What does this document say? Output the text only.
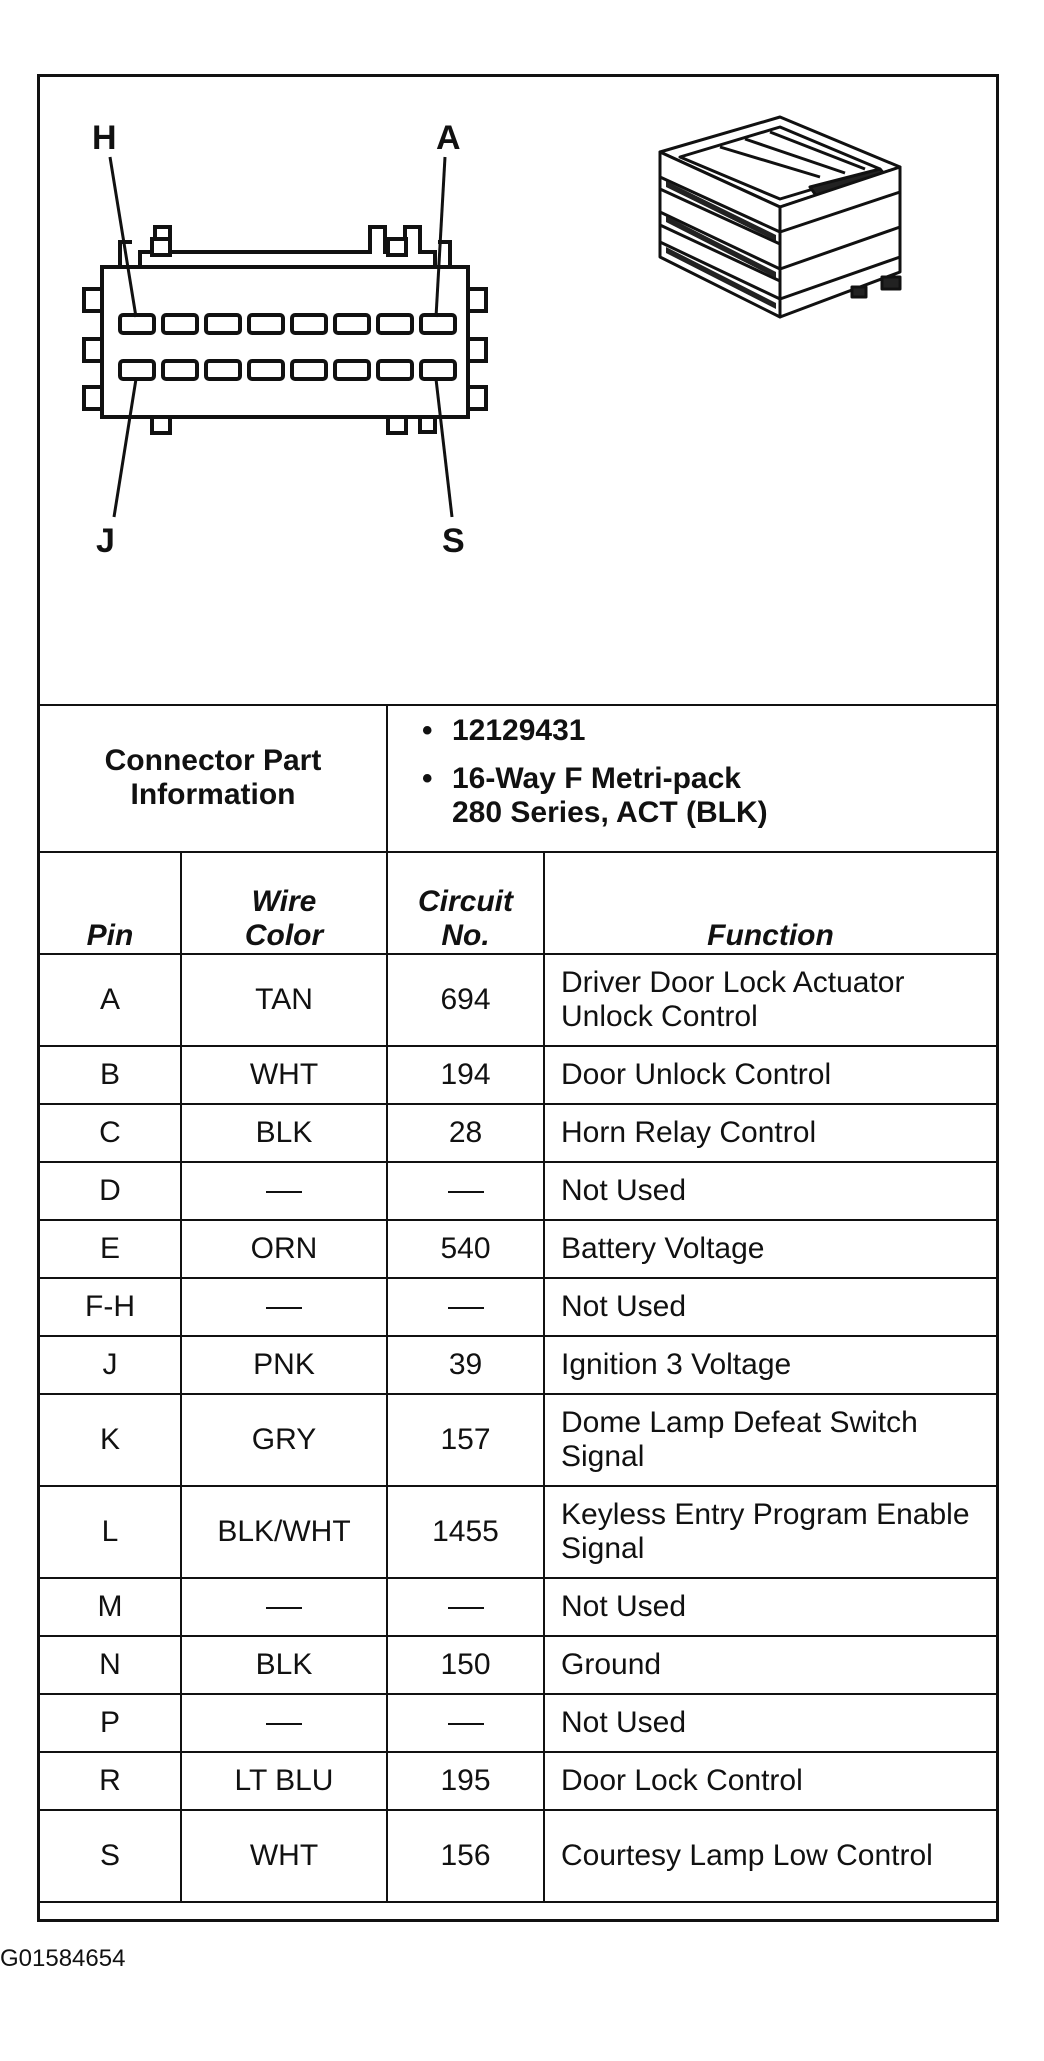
H	A
J	S
Connector Part Information		• 12129431
• 16-Way F Metri-pack
280 Series, ACT (BLK)

Pin	Wire Color	Circuit No.	Function
A	TAN	694	Driver Door Lock Actuator Unlock Control
B	WHT	194	Door Unlock Control
C	BLK	28	Horn Relay Control
D			Not Used
E	ORN	540	Battery Voltage
F-H			Not Used
J	PNK	39	Ignition 3 Voltage
K	GRY	157	Dome Lamp Defeat Switch Signal
L	BLK/WHT	1455	Keyless Entry Program Enable Signal
M			Not Used
N	BLK	150	Ground
P			Not Used
R	LT BLU	195	Door Lock Control
S	WHT	156	Courtesy Lamp Low Control
G01584654
